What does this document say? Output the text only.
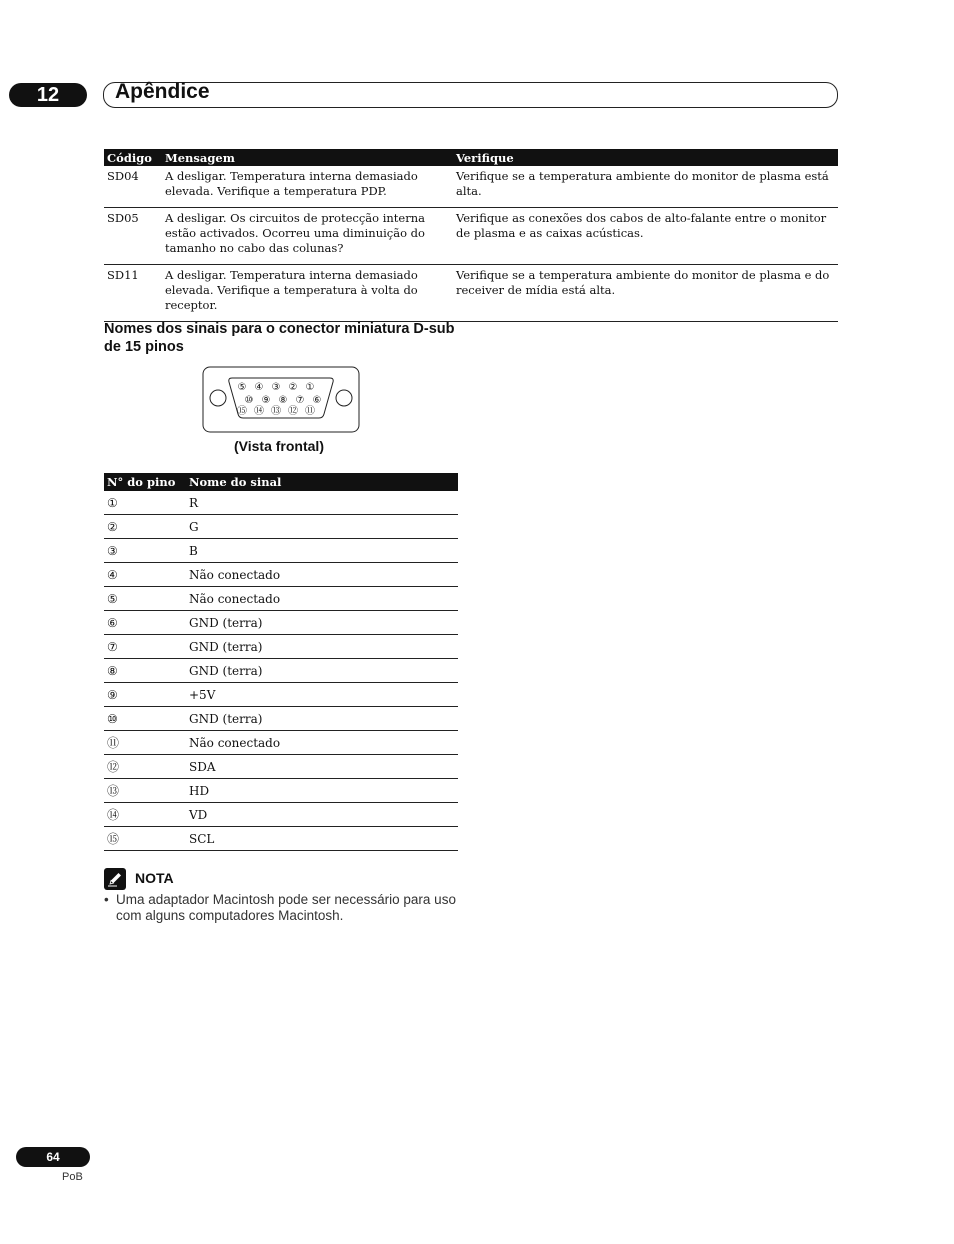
12	Apêndice
Código	Mensagem	Verifique
SD04	A desligar. Temperatura interna demasiado elevada. Verifique a temperatura PDP.	Verifique se a temperatura ambiente do monitor de plasma está alta.
SD05	A desligar. Os circuitos de protecção interna estão activados. Ocorreu uma diminuição do tamanho no cabo das colunas?	Verifique as conexões dos cabos de alto-falante entre o monitor de plasma e as caixas acústicas.
SD11	A desligar. Temperatura interna demasiado elevada. Verifique a temperatura à volta do receptor.	Verifique se a temperatura ambiente do monitor de plasma e do receiver de mídia está alta.
Nomes dos sinais para o conector miniatura D-sub de 15 pinos
⑤ ④ ③ ② ①
⑩ ⑨ ⑧ ⑦ ⑥
⑮ ⑭ ⑬ ⑫ ⑪
(Vista frontal)
N° do pino	Nome do sinal
①	R
②	G
③	B
④	Não conectado
⑤	Não conectado
⑥	GND (terra)
⑦	GND (terra)
⑧	GND (terra)
⑨	+5V
⑩	GND (terra)
⑪	Não conectado
⑫	SDA
⑬	HD
⑭	VD
⑮	SCL
NOTA
• Uma adaptador Macintosh pode ser necessário para uso com alguns computadores Macintosh.
64
PoB
